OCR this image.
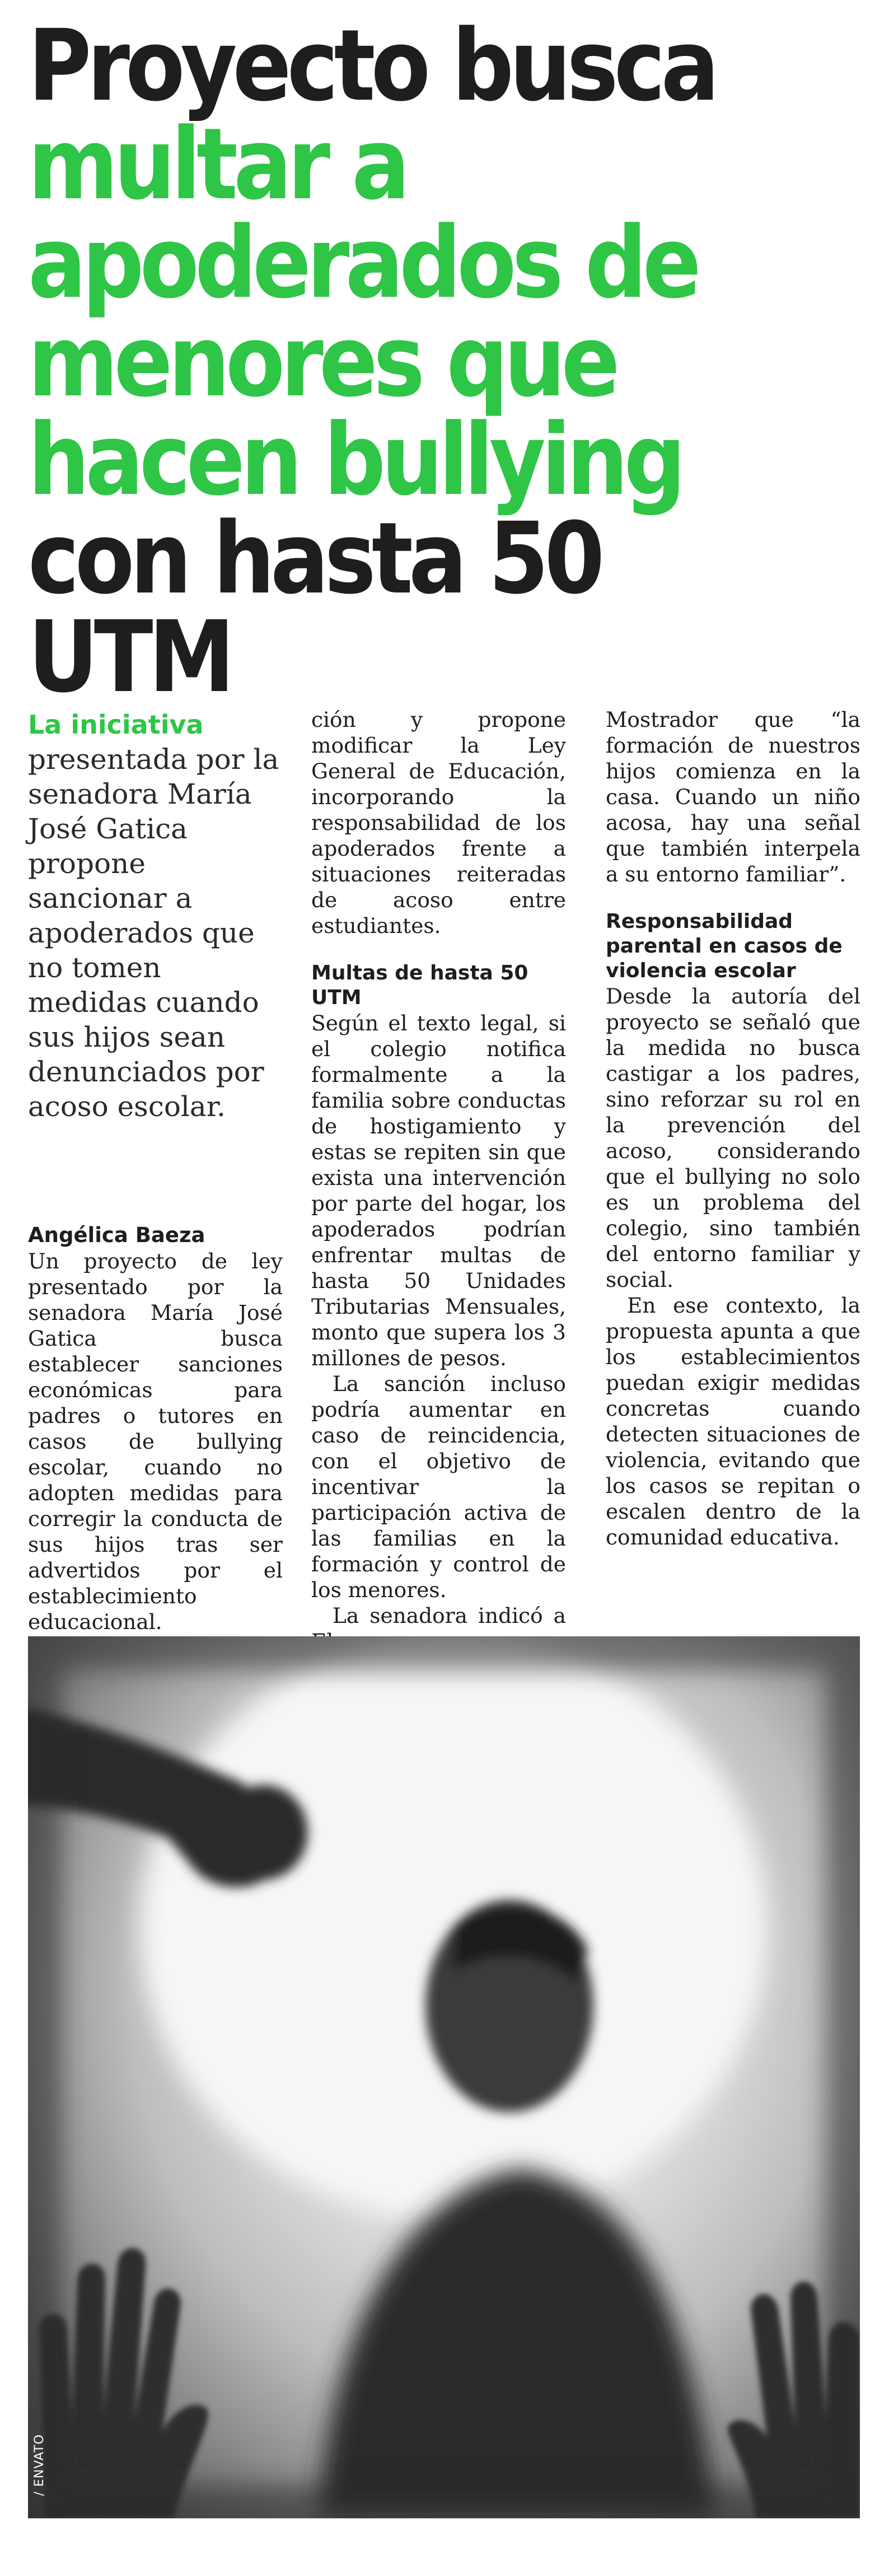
Proyecto busca multar a apoderados de menores que hacen bullying con hasta 50 UTM

La iniciativa presentada por la senadora María José Gatica propone sancionar a apoderados que no tomen medidas cuando sus hijos sean denunciados por acoso escolar.

Angélica Baeza

Un proyecto de ley presentado por la senadora María José Gatica busca establecer sanciones económicas para padres o tutores en casos de bullying escolar, cuando no adopten medidas para corregir la conducta de sus hijos tras ser advertidos por el establecimiento educacional.

ción y propone modificar la Ley General de Educación, incorporando la responsabilidad de los apoderados frente a situaciones reiteradas de acoso entre estudiantes.

Multas de hasta 50 UTM

Según el texto legal, si el colegio notifica formalmente a la familia sobre conductas de hostigamiento y estas se repiten sin que exista una intervención por parte del hogar, los apoderados podrían enfrentar multas de hasta 50 Unidades Tributarias Mensuales, monto que supera los 3 millones de pesos.

La sanción incluso podría aumentar en caso de reincidencia, con el objetivo de incentivar la participación activa de las familias en la formación y control de los menores.

La senadora indicó a

Mostrador que “la formación de nuestros hijos comienza en la casa. Cuando un niño acosa, hay una señal que también interpela a su entorno familiar”.

Responsabilidad parental en casos de violencia escolar

Desde la autoría del proyecto se señaló que la medida no busca castigar a los padres, sino reforzar su rol en la prevención del acoso, considerando que el bullying no solo es un problema del colegio, sino también del entorno familiar y social.

En ese contexto, la propuesta apunta a que los establecimientos puedan exigir medidas concretas cuando detecten situaciones de violencia, evitando que los casos se repitan o escalen dentro de la comunidad educativa.

/ ENVATO
